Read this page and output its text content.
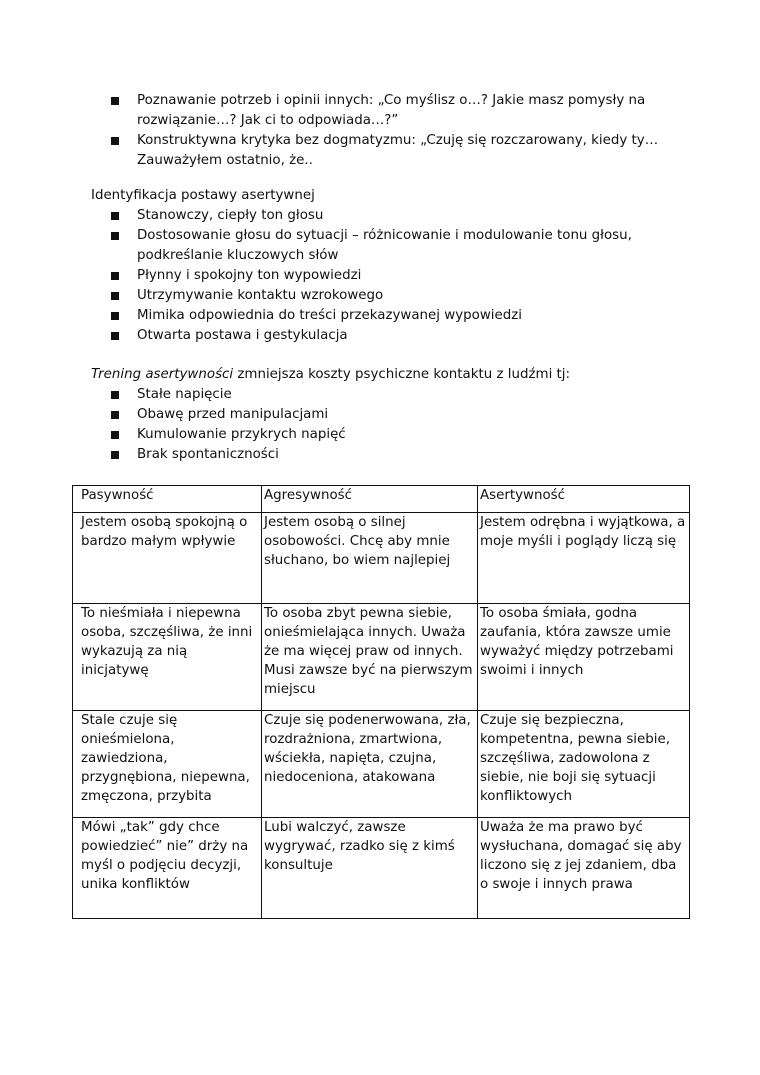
Poznawanie potrzeb i opinii innych: „Co myślisz o…? Jakie masz pomysły na rozwiązanie…? Jak ci to odpowiada…?”
Konstruktywna krytyka bez dogmatyzmu: „Czuję się rozczarowany, kiedy ty… Zauważyłem ostatnio, że..
Identyfikacja postawy asertywnej
Stanowczy, ciepły ton głosu
Dostosowanie głosu do sytuacji – różnicowanie i modulowanie tonu głosu, podkreślanie kluczowych słów
Płynny i spokojny ton wypowiedzi
Utrzymywanie kontaktu wzrokowego
Mimika odpowiednia do treści przekazywanej wypowiedzi
Otwarta postawa i gestykulacja
Trening asertywności zmniejsza koszty psychiczne kontaktu z ludźmi tj:
Stałe napięcie
Obawę przed manipulacjami
Kumulowanie przykrych napięć
Brak spontaniczności
Pasywność	Agresywność	Asertywność
Jestem osobą spokojną o bardzo małym wpływie	Jestem osobą o silnej osobowości. Chcę aby mnie słuchano, bo wiem najlepiej	Jestem odrębna i wyjątkowa, a moje myśli i poglądy liczą się
To nieśmiała i niepewna osoba, szczęśliwa, że inni wykazują za nią inicjatywę	To osoba zbyt pewna siebie, onieśmielająca innych. Uważa że ma więcej praw od innych. Musi zawsze być na pierwszym miejscu	To osoba śmiała, godna zaufania, która zawsze umie wyważyć między potrzebami swoimi i innych
Stale czuje się onieśmielona, zawiedziona, przygnębiona, niepewna, zmęczona, przybita	Czuje się podenerwowana, zła, rozdrażniona, zmartwiona, wściekła, napięta, czujna, niedoceniona, atakowana	Czuje się bezpieczna, kompetentna, pewna siebie, szczęśliwa, zadowolona z siebie, nie boji się sytuacji konfliktowych
Mówi „tak” gdy chce powiedzieć” nie” drży na myśl o podjęciu decyzji, unika konfliktów	Lubi walczyć, zawsze wygrywać, rzadko się z kimś konsultuje	Uważa że ma prawo być wysłuchana, domagać się aby liczono się z jej zdaniem, dba o swoje i innych prawa
